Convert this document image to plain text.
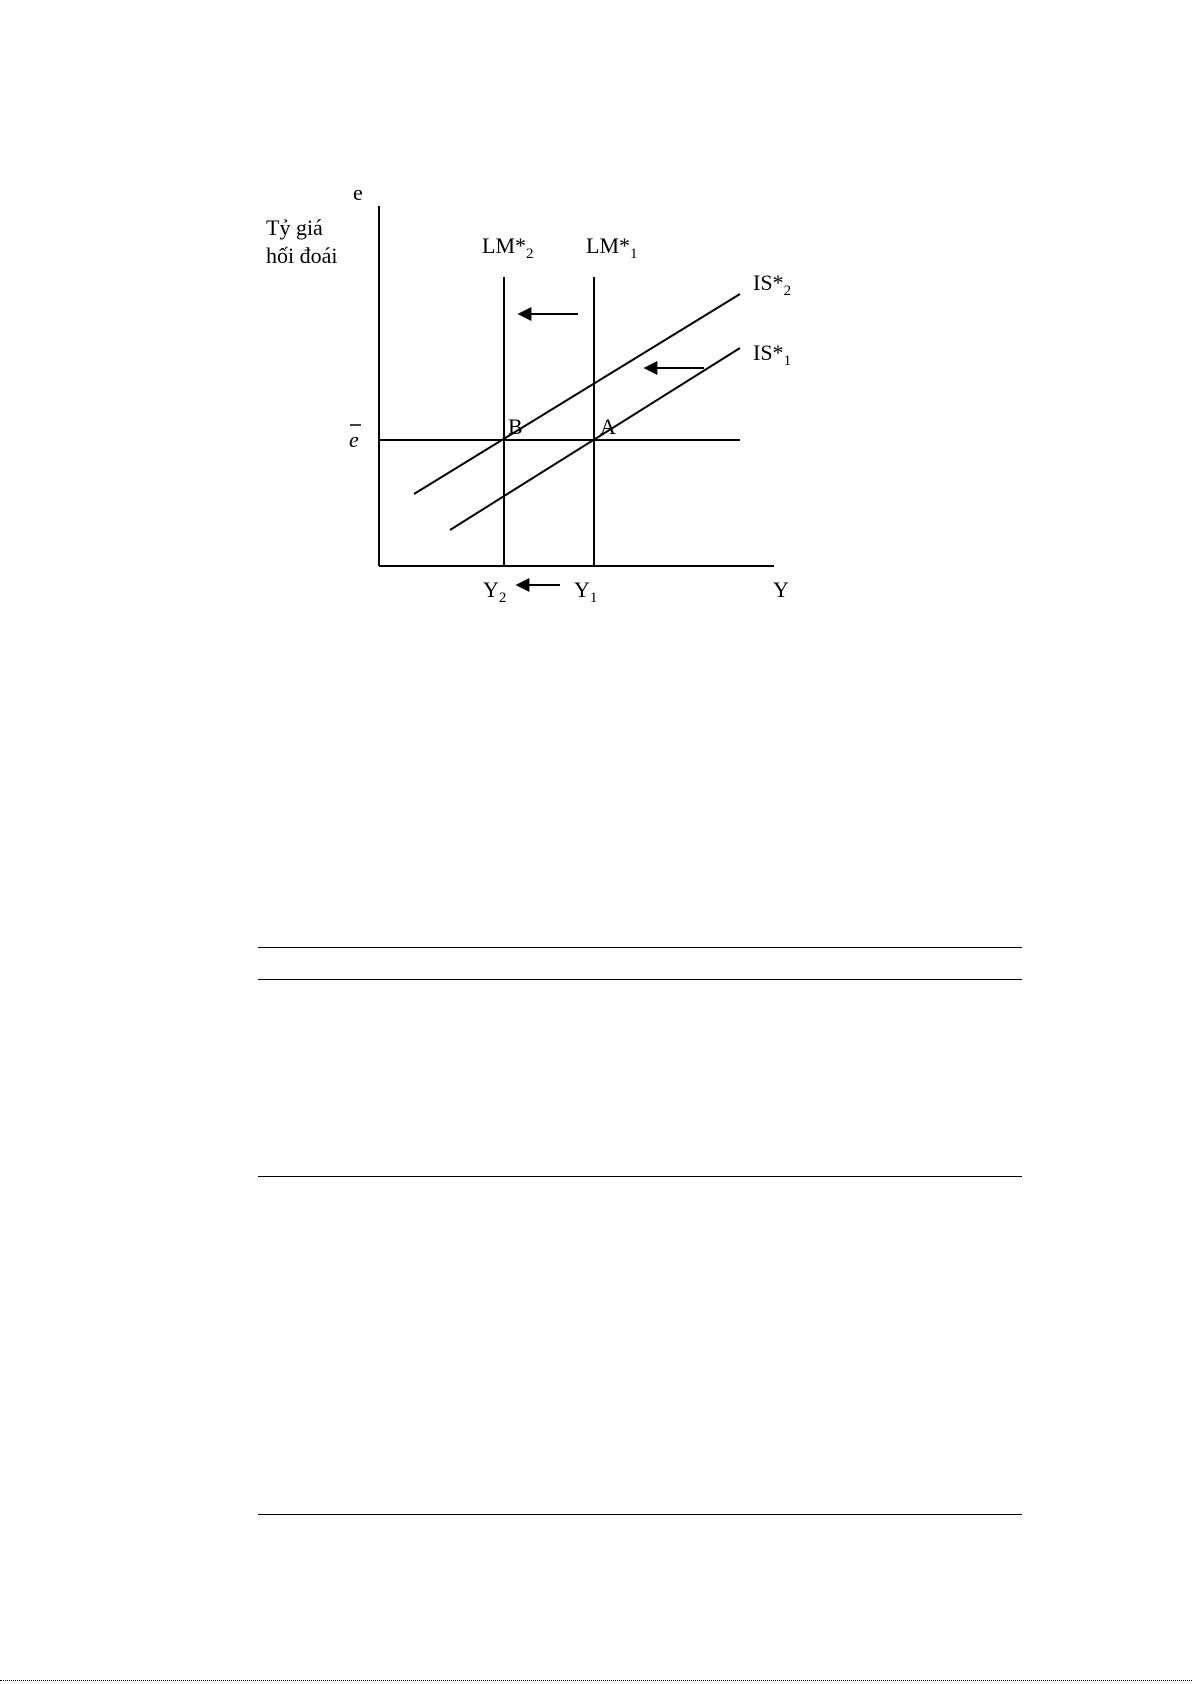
e
Tỷ giá
hối đoái
e
$LM*_2$ $LM*_1$
$IS*_2$
$IS*_1$
B	A
$Y_2$	$Y_1$	Y
